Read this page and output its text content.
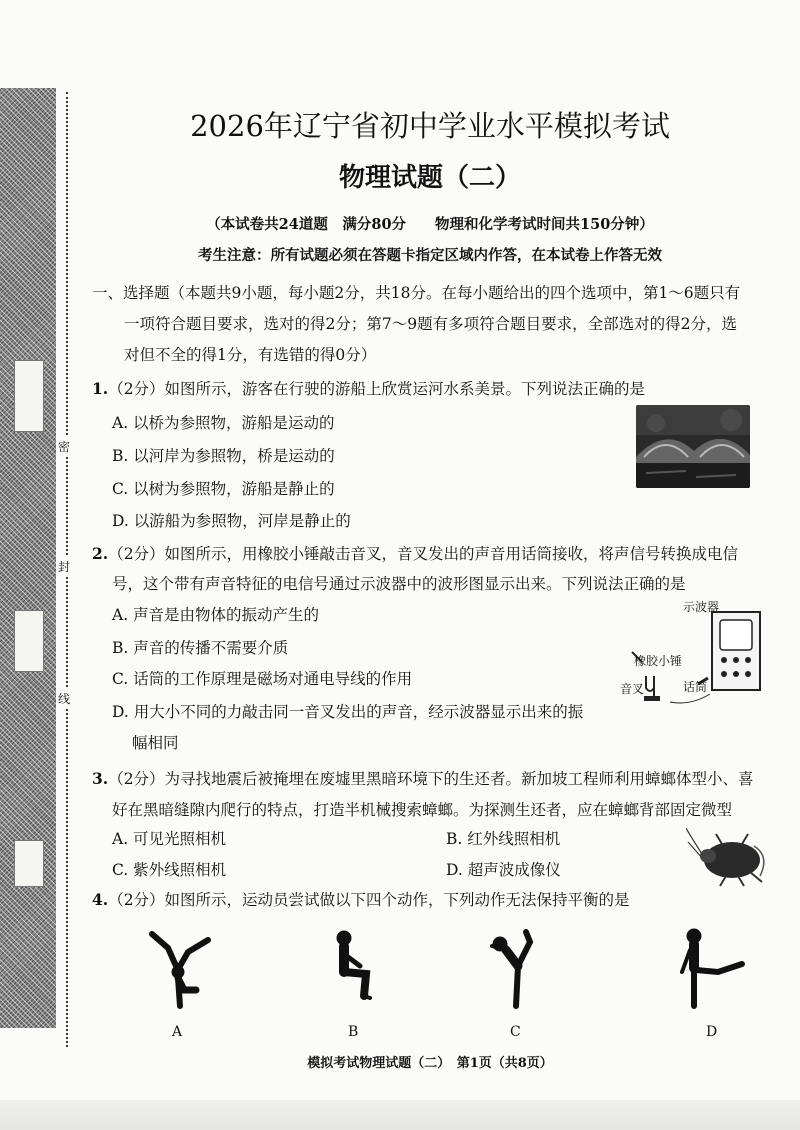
密
封
线
2026年辽宁省初中学业水平模拟考试
物理试题（二）
（本试卷共24道题　满分80分　　物理和化学考试时间共150分钟）
考生注意：所有试题必须在答题卡指定区域内作答，在本试卷上作答无效
一、选择题（本题共9小题，每小题2分，共18分。在每小题给出的四个选项中，第1～6题只有
一项符合题目要求，选对的得2分；第7～9题有多项符合题目要求，全部选对的得2分，选
对但不全的得1分，有选错的得0分）
1.（2分）如图所示，游客在行驶的游船上欣赏运河水系美景。下列说法正确的是
A. 以桥为参照物，游船是运动的
B. 以河岸为参照物，桥是运动的
C. 以树为参照物，游船是静止的
D. 以游船为参照物，河岸是静止的
2.（2分）如图所示，用橡胶小锤敲击音叉，音叉发出的声音用话筒接收，将声信号转换成电信
号，这个带有声音特征的电信号通过示波器中的波形图显示出来。下列说法正确的是
A. 声音是由物体的振动产生的
B. 声音的传播不需要介质
C. 话筒的工作原理是磁场对通电导线的作用
D. 用大小不同的力敲击同一音叉发出的声音，经示波器显示出来的振
幅相同
示波器
橡胶小锤
音叉	话筒
3.（2分）为寻找地震后被掩埋在废墟里黑暗环境下的生还者。新加坡工程师利用蟑螂体型小、喜
好在黑暗缝隙内爬行的特点，打造半机械搜索蟑螂。为探测生还者，应在蟑螂背部固定微型
A. 可见光照相机	B. 红外线照相机
C. 紫外线照相机	D. 超声波成像仪
4.（2分）如图所示，运动员尝试做以下四个动作，下列动作无法保持平衡的是
A	B	C	D
模拟考试物理试题（二）　第1页（共8页）
